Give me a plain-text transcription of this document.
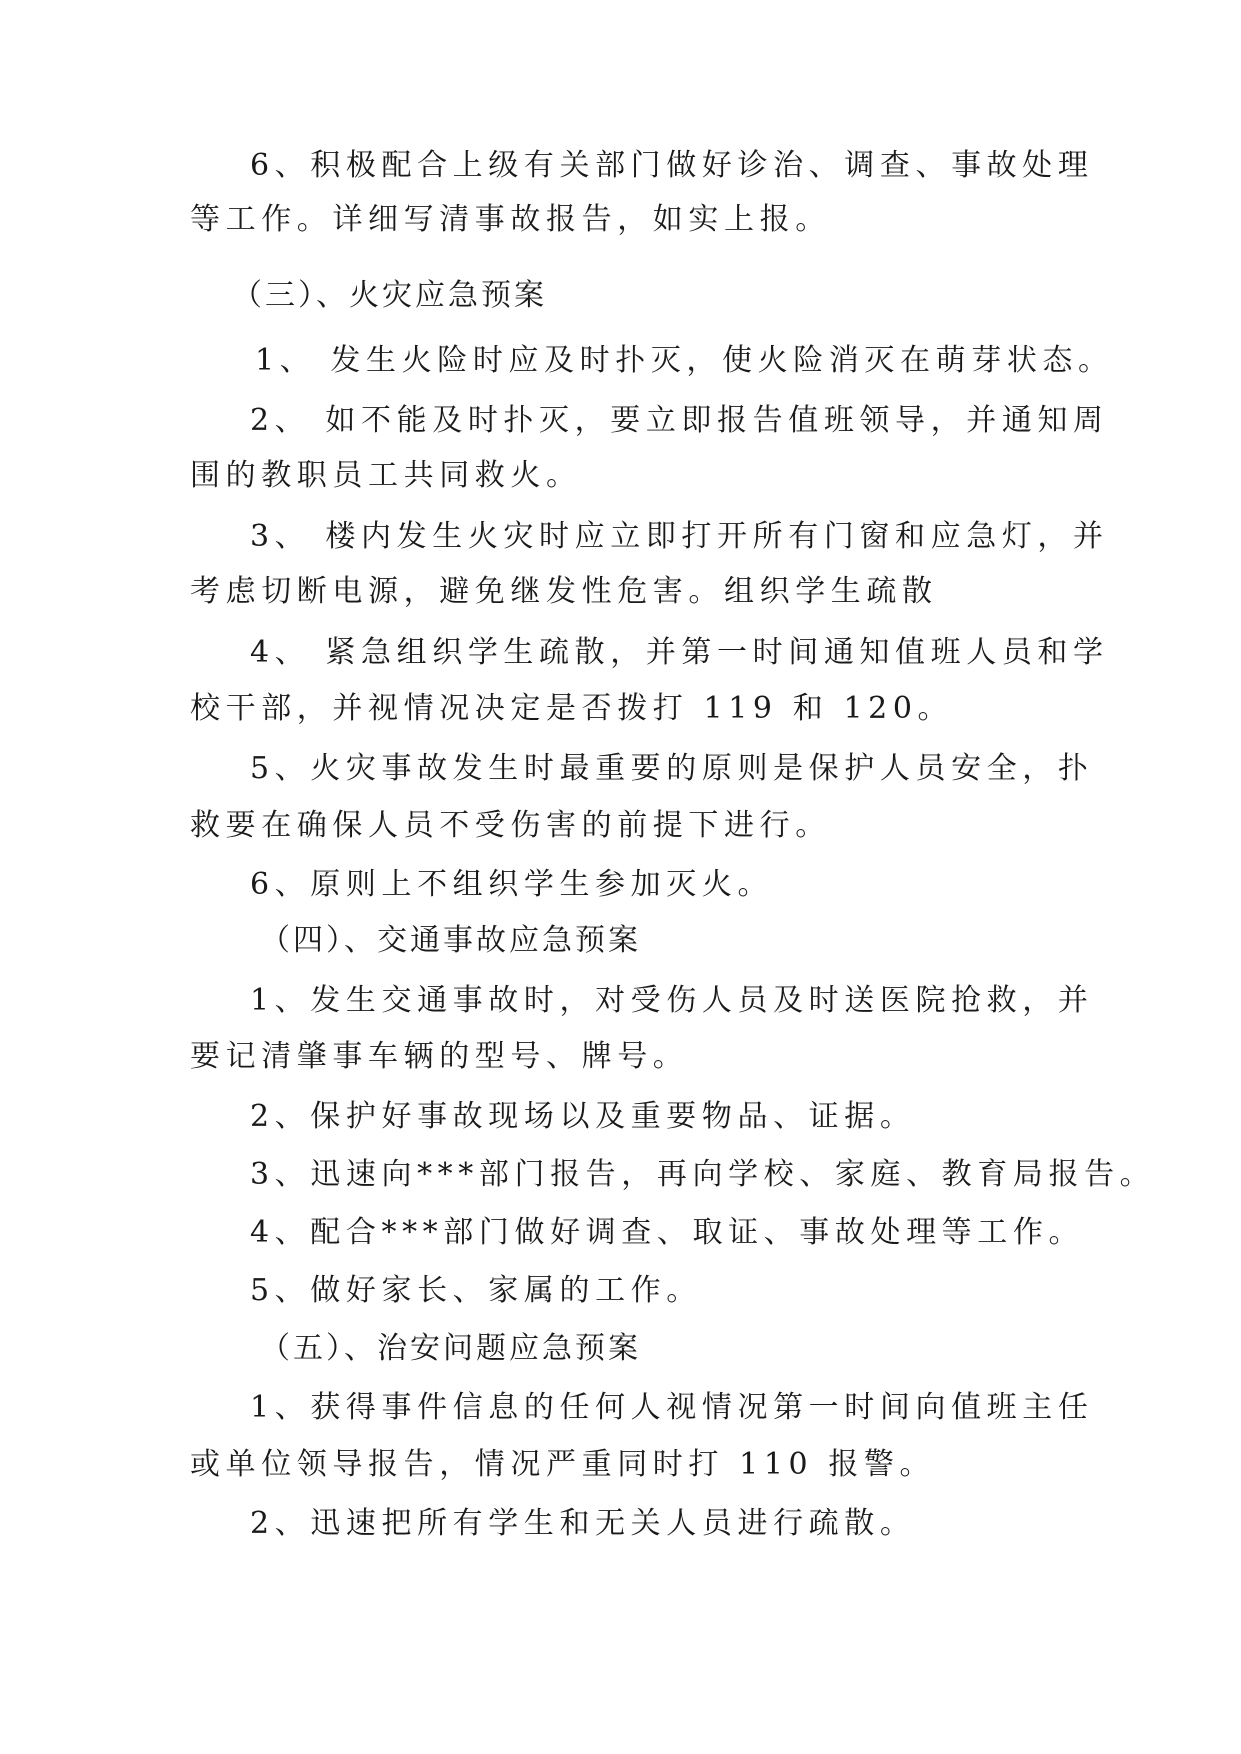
6、积极配合上级有关部门做好诊治、调查、事故处理
等工作。详细写清事故报告，如实上报。
（三）、火灾应急预案
1、 发生火险时应及时扑灭，使火险消灭在萌芽状态。
2、 如不能及时扑灭，要立即报告值班领导，并通知周
围的教职员工共同救火。
3、 楼内发生火灾时应立即打开所有门窗和应急灯，并
考虑切断电源，避免继发性危害。组织学生疏散
4、 紧急组织学生疏散，并第一时间通知值班人员和学
校干部，并视情况决定是否拨打 119 和 120。
5、火灾事故发生时最重要的原则是保护人员安全，扑
救要在确保人员不受伤害的前提下进行。
6、原则上不组织学生参加灭火。
（四）、交通事故应急预案
1、发生交通事故时，对受伤人员及时送医院抢救，并
要记清肇事车辆的型号、牌号。
2、保护好事故现场以及重要物品、证据。
3、迅速向***部门报告，再向学校、家庭、教育局报告。
4、配合***部门做好调查、取证、事故处理等工作。
5、做好家长、家属的工作。
（五）、治安问题应急预案
1、获得事件信息的任何人视情况第一时间向值班主任
或单位领导报告，情况严重同时打 110 报警。
2、迅速把所有学生和无关人员进行疏散。
